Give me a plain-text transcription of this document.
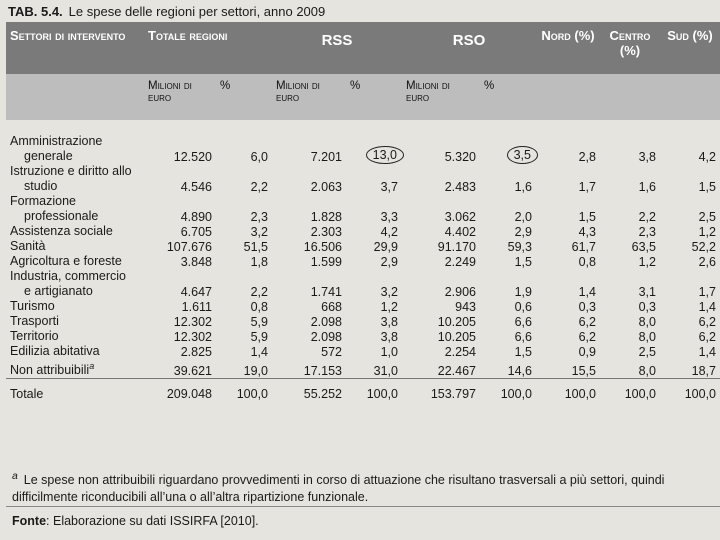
TAB. 5.4. Le spese delle regioni per settori, anno 2009
Settori di intervento	Totale regioni		RSS		RSO		Nord (%)	Centro (%)	Sud (%)
	Milioni di euro	%	Milioni di euro	%	Milioni di euro	%			

Amministrazione
generale	12.520	6,0	7.201	13,0	5.320	3,5	2,8	3,8	4,2
Istruzione e diritto allo
studio	4.546	2,2	2.063	3,7	2.483	1,6	1,7	1,6	1,5
Formazione
professionale	4.890	2,3	1.828	3,3	3.062	2,0	1,5	2,2	2,5
Assistenza sociale	6.705	3,2	2.303	4,2	4.402	2,9	4,3	2,3	1,2
Sanità	107.676	51,5	16.506	29,9	91.170	59,3	61,7	63,5	52,2
Agricoltura e foreste	3.848	1,8	1.599	2,9	2.249	1,5	0,8	1,2	2,6
Industria, commercio
e artigianato	4.647	2,2	1.741	3,2	2.906	1,9	1,4	3,1	1,7
Turismo	1.611	0,8	668	1,2	943	0,6	0,3	0,3	1,4
Trasporti	12.302	5,9	2.098	3,8	10.205	6,6	6,2	8,0	6,2
Territorio	12.302	5,9	2.098	3,8	10.205	6,6	6,2	8,0	6,2
Edilizia abitativa	2.825	1,4	572	1,0	2.254	1,5	0,9	2,5	1,4
Non attribuibili$^a$	39.621	19,0	17.153	31,0	22.467	14,6	15,5	8,0	18,7
Totale	209.048	100,0	55.252	100,0	153.797	100,0	100,0	100,0	100,0
$^a$ Le spese non attribuibili riguardano provvedimenti in corso di attuazione che risultano trasversali a più settori, quindi difficilmente riconducibili all’una o all’altra ripartizione funzionale.
Fonte: Elaborazione su dati ISSIRFA [2010].
